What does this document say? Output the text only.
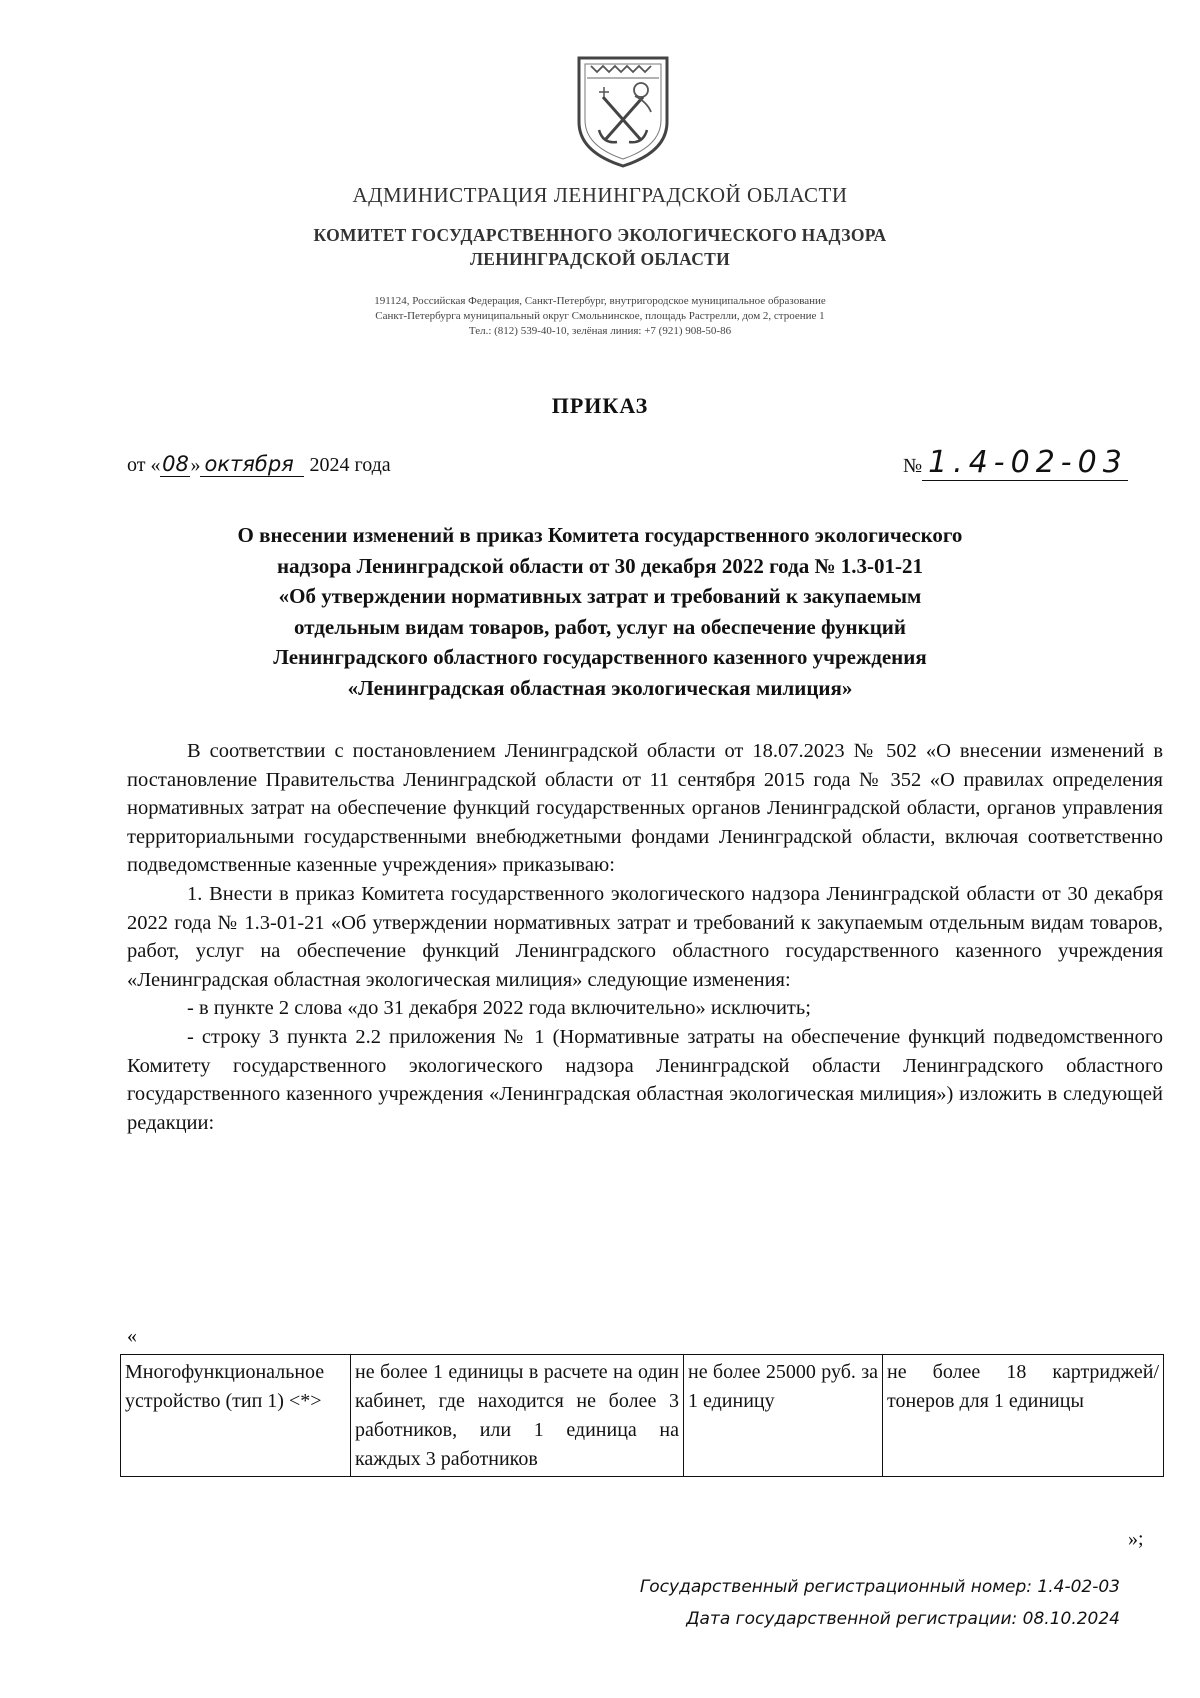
АДМИНИСТРАЦИЯ ЛЕНИНГРАДСКОЙ ОБЛАСТИ
КОМИТЕТ ГОСУДАРСТВЕННОГО ЭКОЛОГИЧЕСКОГО НАДЗОРА
ЛЕНИНГРАДСКОЙ ОБЛАСТИ
191124, Российская Федерация, Санкт-Петербург, внутригородское муниципальное образование
Санкт-Петербурга муниципальный округ Смольнинское, площадь Растрелли, дом 2, строение 1
Тел.: (812) 539-40-10, зелёная линия: +7 (921) 908-50-86
ПРИКАЗ
от «08» октября 2024 года	№ 1.4-02-03
О внесении изменений в приказ Комитета государственного экологического
надзора Ленинградской области от 30 декабря 2022 года № 1.3-01-21
«Об утверждении нормативных затрат и требований к закупаемым
отдельным видам товаров, работ, услуг на обеспечение функций
Ленинградского областного государственного казенного учреждения
«Ленинградская областная экологическая милиция»

В соответствии с постановлением Ленинградской области от 18.07.2023 № 502 «О внесении изменений в постановление Правительства Ленинградской области от 11 сентября 2015 года № 352 «О правилах определения нормативных затрат на обеспечение функций государственных органов Ленинградской области, органов управления территориальными государственными внебюджетными фондами Ленинградской области, включая соответственно подведомственные казенные учреждения» приказываю:

1. Внести в приказ Комитета государственного экологического надзора Ленинградской области от 30 декабря 2022 года № 1.3-01-21 «Об утверждении нормативных затрат и требований к закупаемым отдельным видам товаров, работ, услуг на обеспечение функций Ленинградского областного государственного казенного учреждения «Ленинградская областная экологическая милиция» следующие изменения:

- в пункте 2 слова «до 31 декабря 2022 года включительно» исключить;

- строку 3 пункта 2.2 приложения № 1 (Нормативные затраты на обеспечение функций подведомственного Комитету государственного экологического надзора Ленинградской области Ленинградского областного государственного казенного учреждения «Ленинградская областная экологическая милиция») изложить в следующей редакции:

«
Многофункциональное устройство (тип 1) <*>	не более 1 единицы в расчете на один кабинет, где находится не более 3 работников, или 1 единица на каждых 3 работников	не более 25000 руб. за 1 единицу	не более 18 картриджей/тонеров для 1 единицы
»;
Государственный регистрационный номер: 1.4-02-03
Дата государственной регистрации: 08.10.2024
